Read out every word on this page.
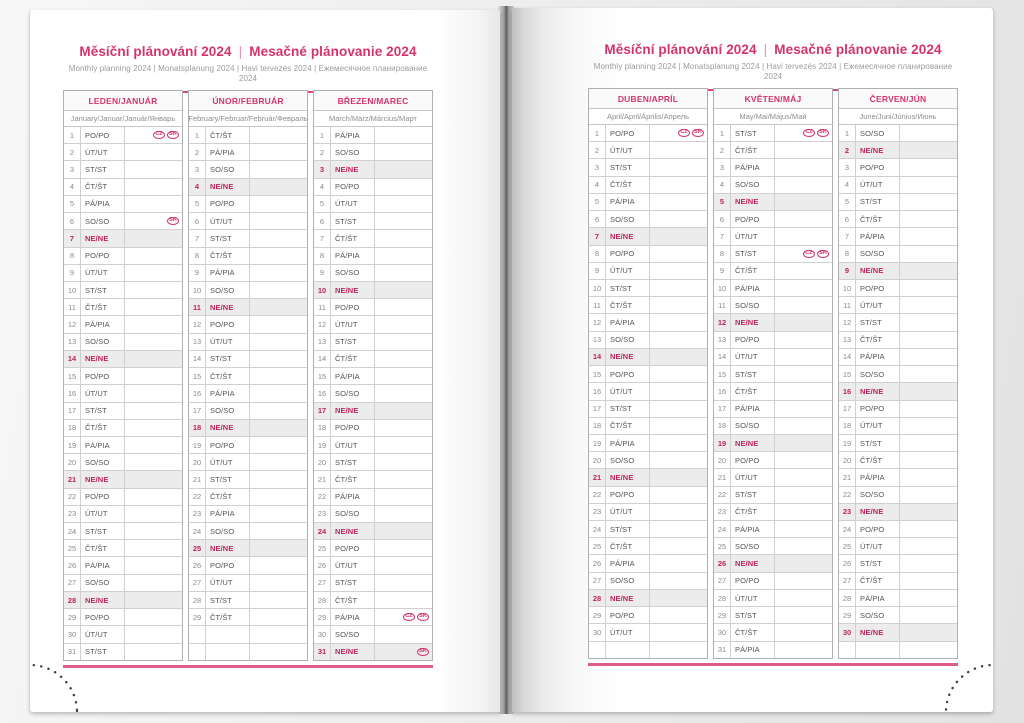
Měsíční plánování 2024 | Mesačné plánovanie 2024
Monthly planning 2024 | Monatsplanung 2024 | Havi tervezés 2024 | Ежемесячное планирование 2024
LEDEN/JANUÁR
January/Januar/Január/Январь
1	PO/PO	CZ	SK
2	ÚT/UT
3	ST/ST
4	ČT/ŠT
5	PÁ/PIA
6	SO/SO	SK
7	NE/NE
8	PO/PO
9	ÚT/UT
10	ST/ST
11	ČT/ŠT
12	PÁ/PIA
13	SO/SO
14	NE/NE
15	PO/PO
16	ÚT/UT
17	ST/ST
18	ČT/ŠT
19	PÁ/PIA
20	SO/SO
21	NE/NE
22	PO/PO
23	ÚT/UT
24	ST/ST
25	ČT/ŠT
26	PÁ/PIA
27	SO/SO
28	NE/NE
29	PO/PO
30	ÚT/UT
31	ST/ST
ÚNOR/FEBRUÁR
February/Februar/Február/Февраль
1	ČT/ŠT
2	PÁ/PIA
3	SO/SO
4	NE/NE
5	PO/PO
6	ÚT/UT
7	ST/ST
8	ČT/ŠT
9	PÁ/PIA
10	SO/SO
11	NE/NE
12	PO/PO
13	ÚT/UT
14	ST/ST
15	ČT/ŠT
16	PÁ/PIA
17	SO/SO
18	NE/NE
19	PO/PO
20	ÚT/UT
21	ST/ST
22	ČT/ŠT
23	PÁ/PIA
24	SO/SO
25	NE/NE
26	PO/PO
27	ÚT/UT
28	ST/ST
29	ČT/ŠT
BŘEZEN/MAREC
March/März/Március/Март
1	PÁ/PIA
2	SO/SO
3	NE/NE
4	PO/PO
5	ÚT/UT
6	ST/ST
7	ČT/ŠT
8	PÁ/PIA
9	SO/SO
10	NE/NE
11	PO/PO
12	ÚT/UT
13	ST/ST
14	ČT/ŠT
15	PÁ/PIA
16	SO/SO
17	NE/NE
18	PO/PO
19	ÚT/UT
20	ST/ST
21	ČT/ŠT
22	PÁ/PIA
23	SO/SO
24	NE/NE
25	PO/PO
26	ÚT/UT
27	ST/ST
28	ČT/ŠT
29	PÁ/PIA	CZ	SK
30	SO/SO
31	NE/NE	SK
Měsíční plánování 2024 | Mesačné plánovanie 2024
Monthly planning 2024 | Monatsplanung 2024 | Havi tervezés 2024 | Ежемесячное планирование 2024
DUBEN/APRÍL
April/April/Április/Апрель
1	PO/PO	CZ	SK
2	ÚT/UT
3	ST/ST
4	ČT/ŠT
5	PÁ/PIA
6	SO/SO
7	NE/NE
8	PO/PO
9	ÚT/UT
10	ST/ST
11	ČT/ŠT
12	PÁ/PIA
13	SO/SO
14	NE/NE
15	PO/PO
16	ÚT/UT
17	ST/ST
18	ČT/ŠT
19	PÁ/PIA
20	SO/SO
21	NE/NE
22	PO/PO
23	ÚT/UT
24	ST/ST
25	ČT/ŠT
26	PÁ/PIA
27	SO/SO
28	NE/NE
29	PO/PO
30	ÚT/UT
KVĚTEN/MÁJ
May/Mai/Május/Май
1	ST/ST	CZ	SK
2	ČT/ŠT
3	PÁ/PIA
4	SO/SO
5	NE/NE
6	PO/PO
7	ÚT/UT
8	ST/ST	CZ	SK
9	ČT/ŠT
10	PÁ/PIA
11	SO/SO
12	NE/NE
13	PO/PO
14	ÚT/UT
15	ST/ST
16	ČT/ŠT
17	PÁ/PIA
18	SO/SO
19	NE/NE
20	PO/PO
21	ÚT/UT
22	ST/ST
23	ČT/ŠT
24	PÁ/PIA
25	SO/SO
26	NE/NE
27	PO/PO
28	ÚT/UT
29	ST/ST
30	ČT/ŠT
31	PÁ/PIA
ČERVEN/JÚN
June/Juni/Június/Июнь
1	SO/SO
2	NE/NE
3	PO/PO
4	ÚT/UT
5	ST/ST
6	ČT/ŠT
7	PÁ/PIA
8	SO/SO
9	NE/NE
10	PO/PO
11	ÚT/UT
12	ST/ST
13	ČT/ŠT
14	PÁ/PIA
15	SO/SO
16	NE/NE
17	PO/PO
18	ÚT/UT
19	ST/ST
20	ČT/ŠT
21	PÁ/PIA
22	SO/SO
23	NE/NE
24	PO/PO
25	ÚT/UT
26	ST/ST
27	ČT/ŠT
28	PÁ/PIA
29	SO/SO
30	NE/NE
